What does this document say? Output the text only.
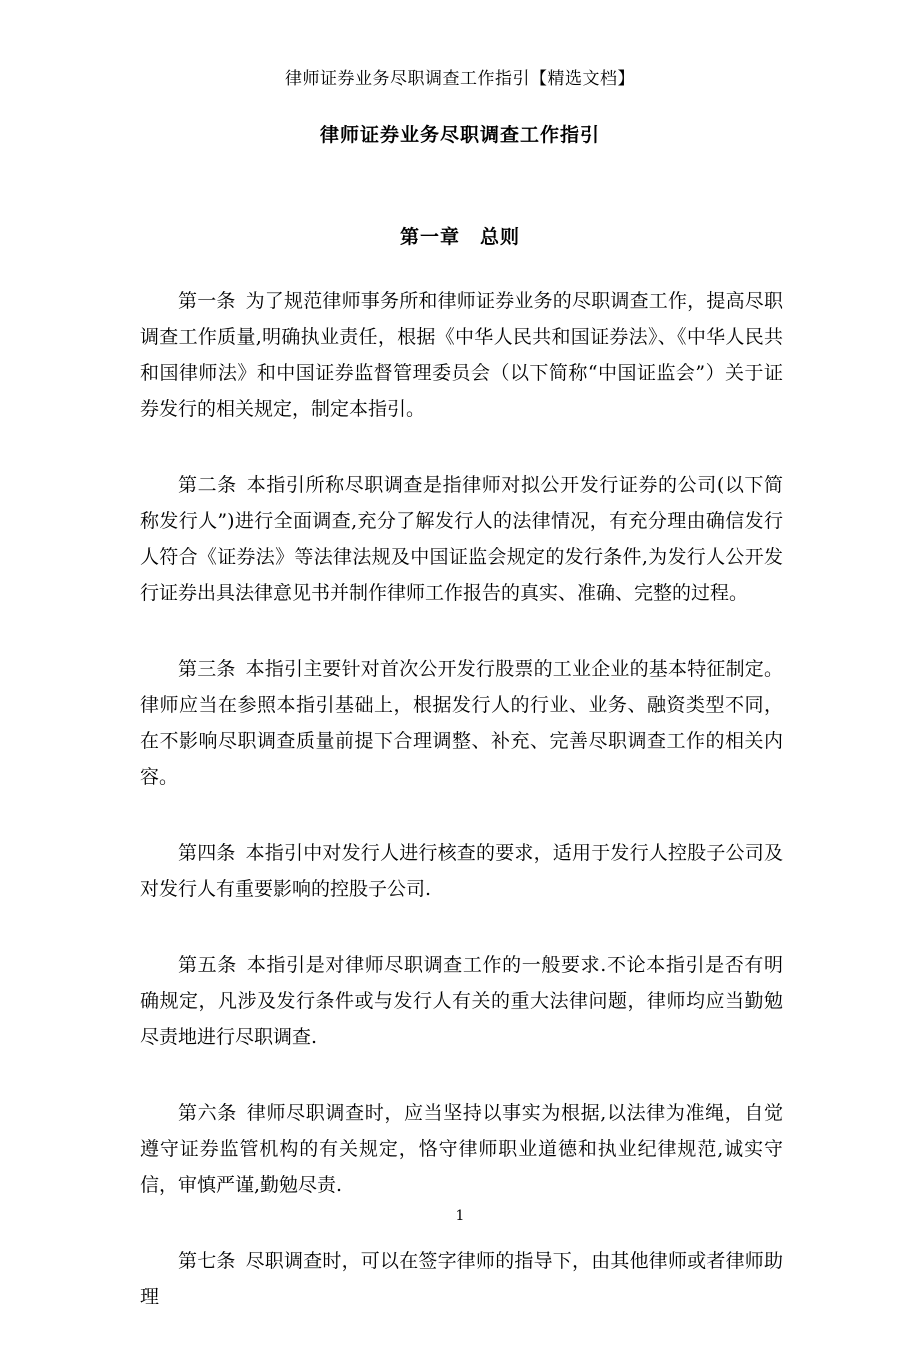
律师证券业务尽职调查工作指引【精选文档】
律师证券业务尽职调查工作指引
第一章　总则

第一条 为了规范律师事务所和律师证券业务的尽职调查工作，提高尽职调查工作质量,明确执业责任，根据《中华人民共和国证券法》、《中华人民共和国律师法》和中国证券监督管理委员会（以下简称“中国证监会”）关于证券发行的相关规定，制定本指引。

第二条 本指引所称尽职调查是指律师对拟公开发行证券的公司(以下简称发行人”)进行全面调查,充分了解发行人的法律情况，有充分理由确信发行人符合《证券法》等法律法规及中国证监会规定的发行条件,为发行人公开发行证券出具法律意见书并制作律师工作报告的真实、准确、完整的过程。

第三条 本指引主要针对首次公开发行股票的工业企业的基本特征制定。律师应当在参照本指引基础上，根据发行人的行业、业务、融资类型不同，在不影响尽职调查质量前提下合理调整、补充、完善尽职调查工作的相关内容。

第四条 本指引中对发行人进行核查的要求，适用于发行人控股子公司及对发行人有重要影响的控股子公司.

第五条 本指引是对律师尽职调查工作的一般要求.不论本指引是否有明确规定，凡涉及发行条件或与发行人有关的重大法律问题，律师均应当勤勉尽责地进行尽职调查.

第六条 律师尽职调查时，应当坚持以事实为根据,以法律为准绳，自觉遵守证券监管机构的有关规定，恪守律师职业道德和执业纪律规范,诚实守信，审慎严谨,勤勉尽责.

第七条 尽职调查时，可以在签字律师的指导下，由其他律师或者律师助理

1
